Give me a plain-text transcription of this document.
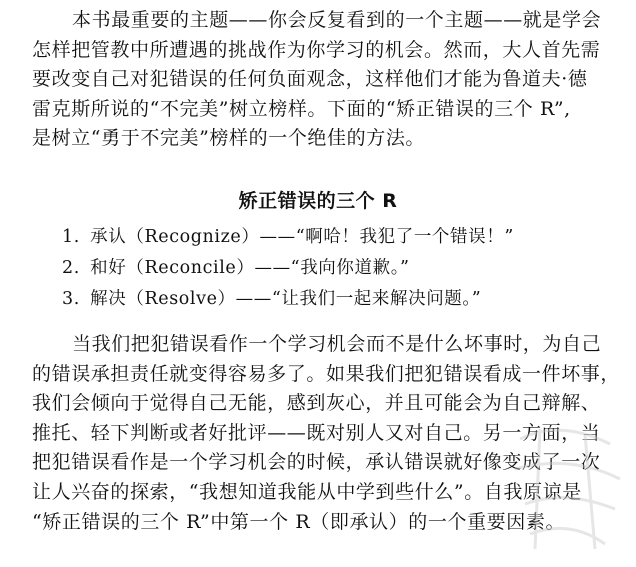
本书最重要的主题——你会反复看到的一个主题——就是学会
怎样把管教中所遭遇的挑战作为你学习的机会。然而，大人首先需
要改变自己对犯错误的任何负面观念，这样他们才能为鲁道夫·德
雷克斯所说的“不完美”树立榜样。下面的“矫正错误的三个 R”,
是树立“勇于不完美”榜样的一个绝佳的方法。
矫正错误的三个 R
1. 承认（Recognize）——“啊哈！我犯了一个错误！”
2. 和好（Reconcile）——“我向你道歉。”
3. 解决（Resolve）——“让我们一起来解决问题。”
当我们把犯错误看作一个学习机会而不是什么坏事时，为自己
的错误承担责任就变得容易多了。如果我们把犯错误看成一件坏事，
我们会倾向于觉得自己无能，感到灰心，并且可能会为自己辩解、
推托、轻下判断或者好批评——既对别人又对自己。另一方面，当
把犯错误看作是一个学习机会的时候，承认错误就好像变成了一次
让人兴奋的探索，“我想知道我能从中学到些什么”。自我原谅是
“矫正错误的三个 R”中第一个 R（即承认）的一个重要因素。
